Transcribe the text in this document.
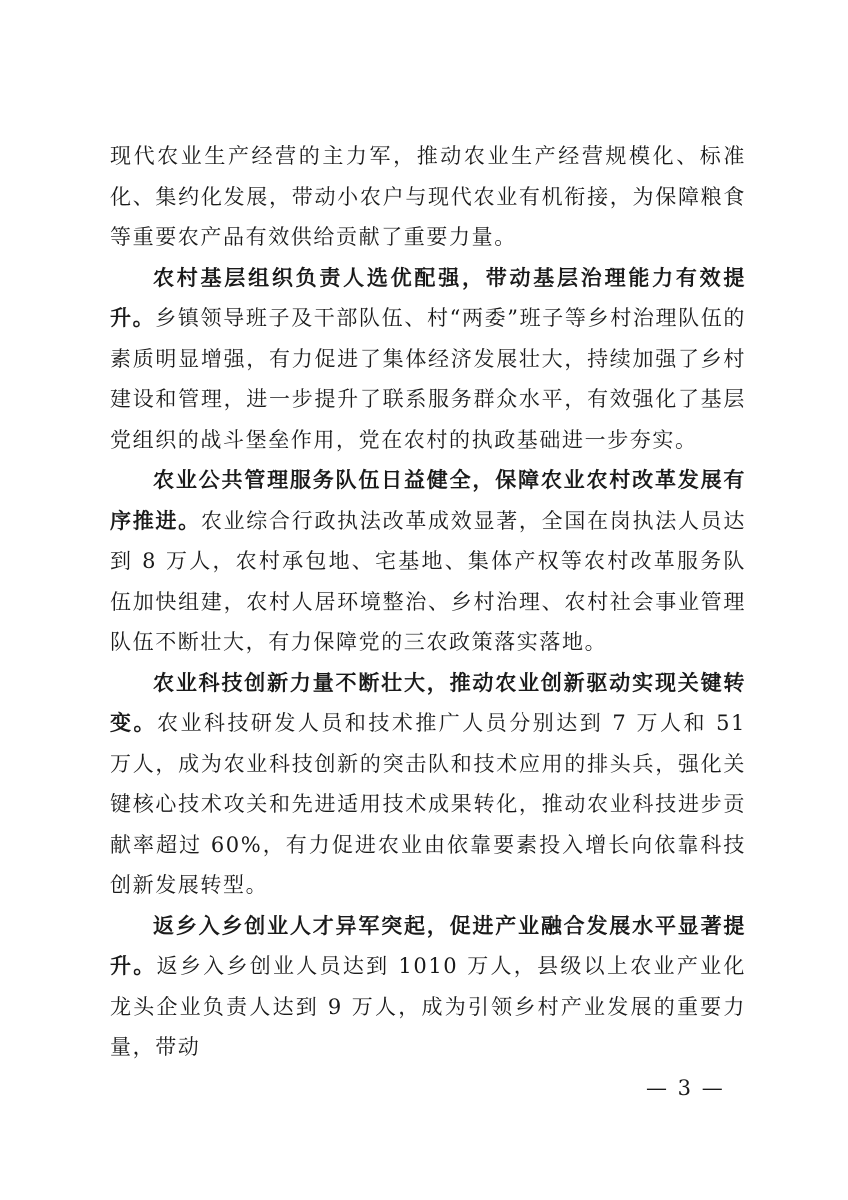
现代农业生产经营的主力军，推动农业生产经营规模化、标准化、集约化发展，带动小农户与现代农业有机衔接，为保障粮食等重要农产品有效供给贡献了重要力量。

农村基层组织负责人选优配强，带动基层治理能力有效提升。乡镇领导班子及干部队伍、村“两委”班子等乡村治理队伍的素质明显增强，有力促进了集体经济发展壮大，持续加强了乡村建设和管理，进一步提升了联系服务群众水平，有效强化了基层党组织的战斗堡垒作用，党在农村的执政基础进一步夯实。

农业公共管理服务队伍日益健全，保障农业农村改革发展有序推进。农业综合行政执法改革成效显著，全国在岗执法人员达到 8 万人，农村承包地、宅基地、集体产权等农村改革服务队伍加快组建，农村人居环境整治、乡村治理、农村社会事业管理队伍不断壮大，有力保障党的三农政策落实落地。

农业科技创新力量不断壮大，推动农业创新驱动实现关键转变。农业科技研发人员和技术推广人员分别达到 7 万人和 51 万人，成为农业科技创新的突击队和技术应用的排头兵，强化关键核心技术攻关和先进适用技术成果转化，推动农业科技进步贡献率超过 60%，有力促进农业由依靠要素投入增长向依靠科技创新发展转型。

返乡入乡创业人才异军突起，促进产业融合发展水平显著提升。返乡入乡创业人员达到 1010 万人，县级以上农业产业化龙头企业负责人达到 9 万人，成为引领乡村产业发展的重要力量，带动

— 3 —
